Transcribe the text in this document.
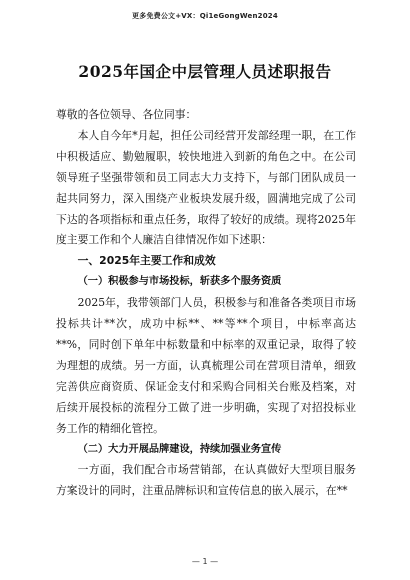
更多免费公文+VX：Qi1eGongWen2024
2025年国企中层管理人员述职报告

尊敬的各位领导、各位同事：

本人自今年*月起，担任公司经营开发部经理一职，在工作中积极适应、勤勉履职，较快地进入到新的角色之中。在公司领导班子坚强带领和员工同志大力支持下，与部门团队成员一起共同努力，深入围绕产业板块发展升级，圆满地完成了公司下达的各项指标和重点任务，取得了较好的成绩。现将2025年度主要工作和个人廉洁自律情况作如下述职：

一、2025年主要工作和成效

（一）积极参与市场投标，斩获多个服务资质

2025年，我带领部门人员，积极参与和准备各类项目市场投标共计**次，成功中标**、**等**个项目，中标率高达**%，同时创下单年中标数量和中标率的双重记录，取得了较为理想的成绩。另一方面，认真梳理公司在营项目清单，细致完善供应商资质、保证金支付和采购合同相关台账及档案，对后续开展投标的流程分工做了进一步明确，实现了对招投标业务工作的精细化管控。

（二）大力开展品牌建设，持续加强业务宣传

一方面，我们配合市场营销部，在认真做好大型项目服务方案设计的同时，注重品牌标识和宣传信息的嵌入展示，在**

— 1 —
